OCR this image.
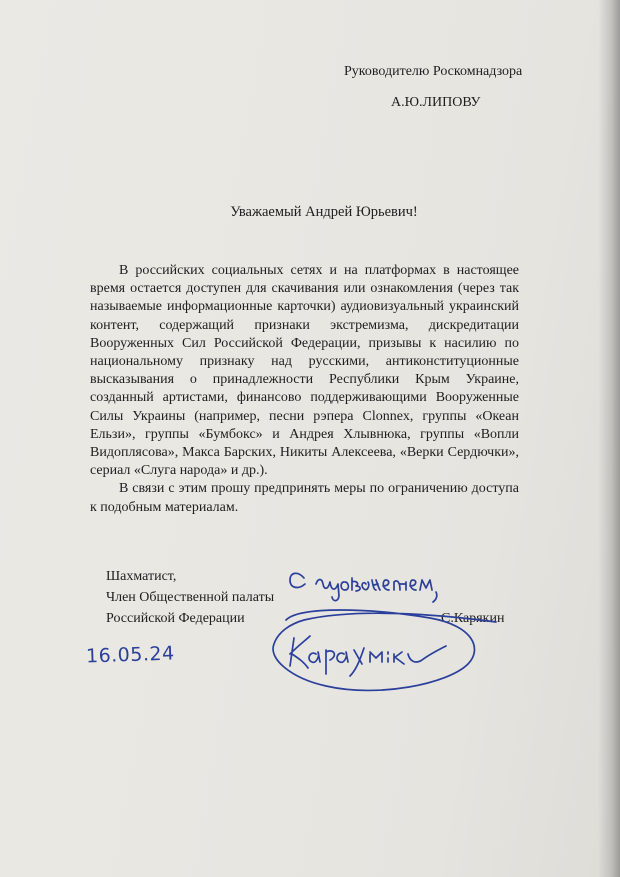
Руководителю Роскомнадзора
А.Ю.ЛИПОВУ
Уважаемый Андрей Юрьевич!

В российских социальных сетях и на платформах в настоящее время остается доступен для скачивания или ознакомления (через так называемые информационные карточки) аудиовизуальный украинский контент, содержащий признаки экстремизма, дискредитации Вооруженных Сил Российской Федерации, призывы к насилию по национальному признаку над русскими, антиконституционные высказывания о принадлежности Республики Крым Украине, созданный артистами, финансово поддерживающими Вооруженные Силы Украины (например, песни рэпера Clonnex, группы «Океан Ельзи», группы «Бумбокс» и Андрея Хлывнюка, группы «Вопли Видоплясова», Макса Барских, Никиты Алексеева, «Верки Сердючки», сериал «Слуга народа» и др.).

В связи с этим прошу предпринять меры по ограничению доступа к подобным материалам.

Шахматист,
Член Общественной палаты
Российской Федерации	С.Карякин
16.05.24
